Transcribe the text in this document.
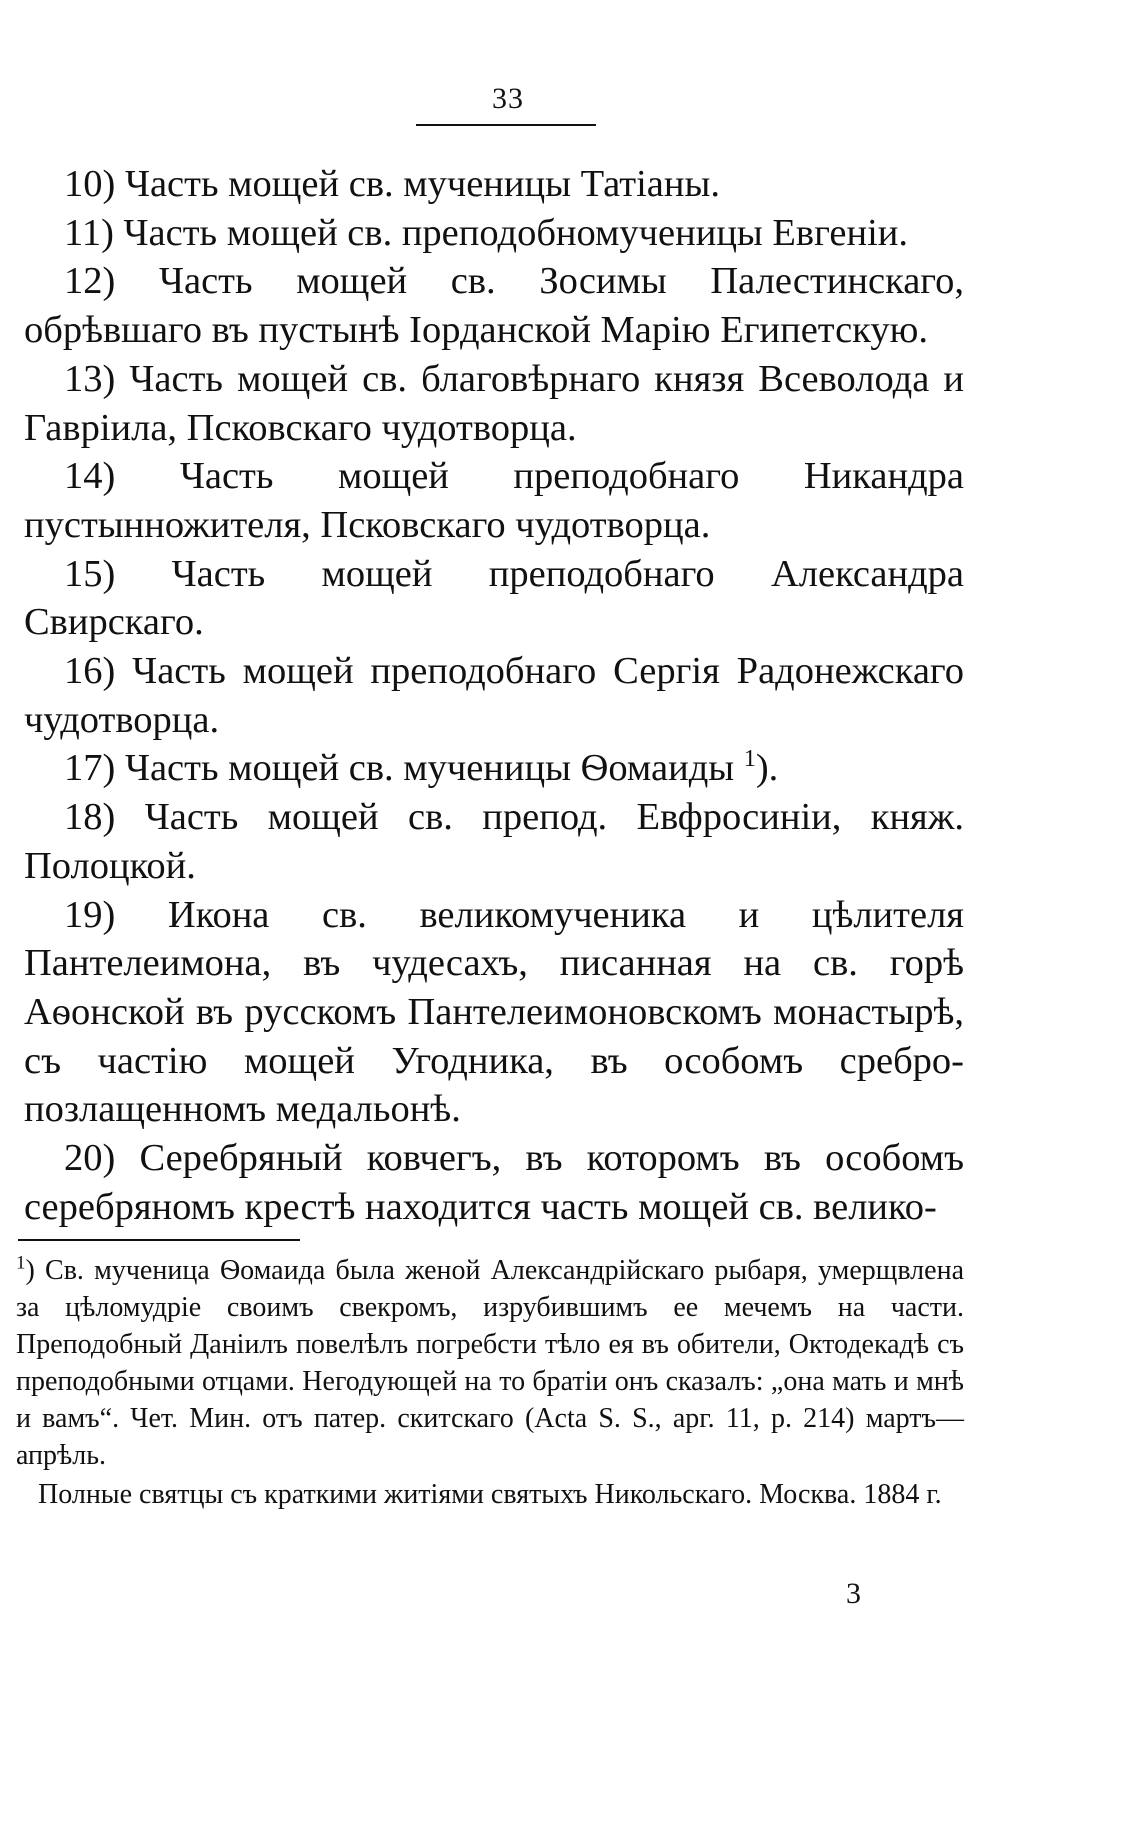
33

10) Часть мощей св. мученицы Татіаны.

11) Часть мощей св. преподобномученицы Евгеніи.

12) Часть мощей св. Зосимы Палестинскаго, обрѣвшаго въ пустынѣ Іорданской Марію Египетскую.

13) Часть мощей св. благовѣрнаго князя Всеволода и Гавріила, Псковскаго чудотворца.

14) Часть мощей преподобнаго Никандра пустынножителя, Псковскаго чудотворца.

15) Часть мощей преподобнаго Александра Свирскаго.

16) Часть мощей преподобнаго Сергія Радонежскаго чудотворца.

17) Часть мощей св. мученицы Ѳомаиды $^1$).

18) Часть мощей св. препод. Евфросиніи, княж. Полоцкой.

19) Икона св. великомученика и цѣлителя Пантелеимона, въ чудесахъ, писанная на св. горѣ Аѳонской въ русскомъ Пантелеимоновскомъ монастырѣ, съ частію мощей Угодника, въ особомъ сребро-позлащенномъ медальонѣ.

20) Серебряный ковчегъ, въ которомъ въ особомъ серебряномъ крестѣ находится часть мощей св. велико-

$^1$) Св. мученица Ѳомаида была женой Александрійскаго рыбаря, умерщвлена за цѣломудріе своимъ свекромъ, изрубившимъ ее мечемъ на части. Преподобный Даніилъ повелѣлъ погребсти тѣло ея въ обители, Октодекадѣ съ преподобными отцами. Негодующей на то братіи онъ сказалъ: „она мать и мнѣ и вамъ“. Чет. Мин. отъ патер. скитскаго (Acta S. S., арг. 11, р. 214) мартъ—апрѣль.

Полные святцы съ краткими житіями святыхъ Никольскаго. Москва. 1884 г.

3
